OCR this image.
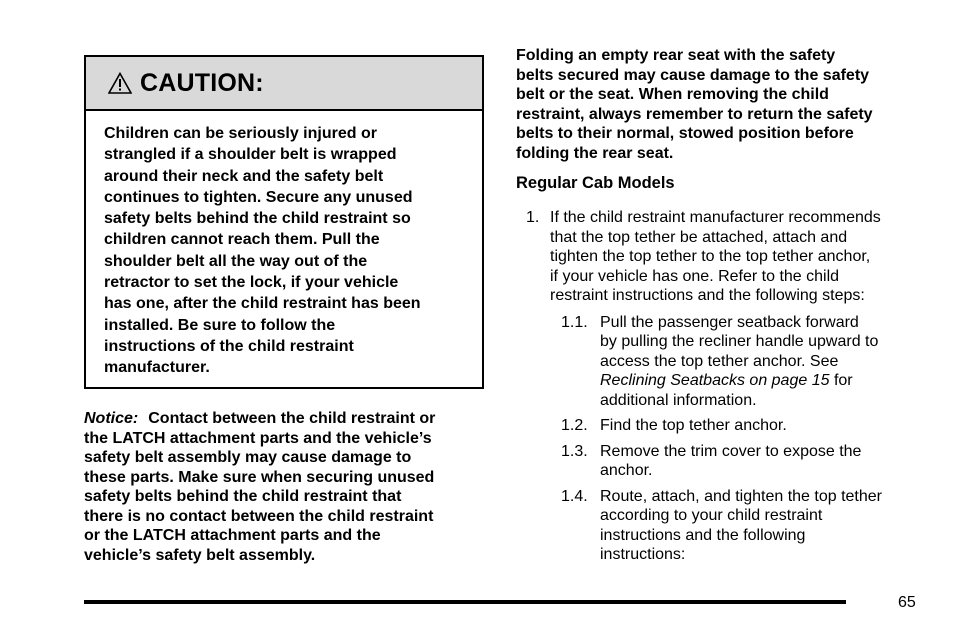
CAUTION:
Children can be seriously injured or
strangled if a shoulder belt is wrapped
around their neck and the safety belt
continues to tighten. Secure any unused
safety belts behind the child restraint so
children cannot reach them. Pull the
shoulder belt all the way out of the
retractor to set the lock, if your vehicle
has one, after the child restraint has been
installed. Be sure to follow the
instructions of the child restraint
manufacturer.
Notice: Contact between the child restraint or
the LATCH attachment parts and the vehicle’s
safety belt assembly may cause damage to
these parts. Make sure when securing unused
safety belts behind the child restraint that
there is no contact between the child restraint
or the LATCH attachment parts and the
vehicle’s safety belt assembly.
Folding an empty rear seat with the safety
belts secured may cause damage to the safety
belt or the seat. When removing the child
restraint, always remember to return the safety
belts to their normal, stowed position before
folding the rear seat.
Regular Cab Models
1. If the child restraint manufacturer recommends
that the top tether be attached, attach and
tighten the top tether to the top tether anchor,
if your vehicle has one. Refer to the child
restraint instructions and the following steps:
1.1. Pull the passenger seatback forward
by pulling the recliner handle upward to
access the top tether anchor. See
Reclining Seatbacks on page 15 for
additional information.
1.2. Find the top tether anchor.
1.3. Remove the trim cover to expose the
anchor.
1.4. Route, attach, and tighten the top tether
according to your child restraint
instructions and the following
instructions:
65
